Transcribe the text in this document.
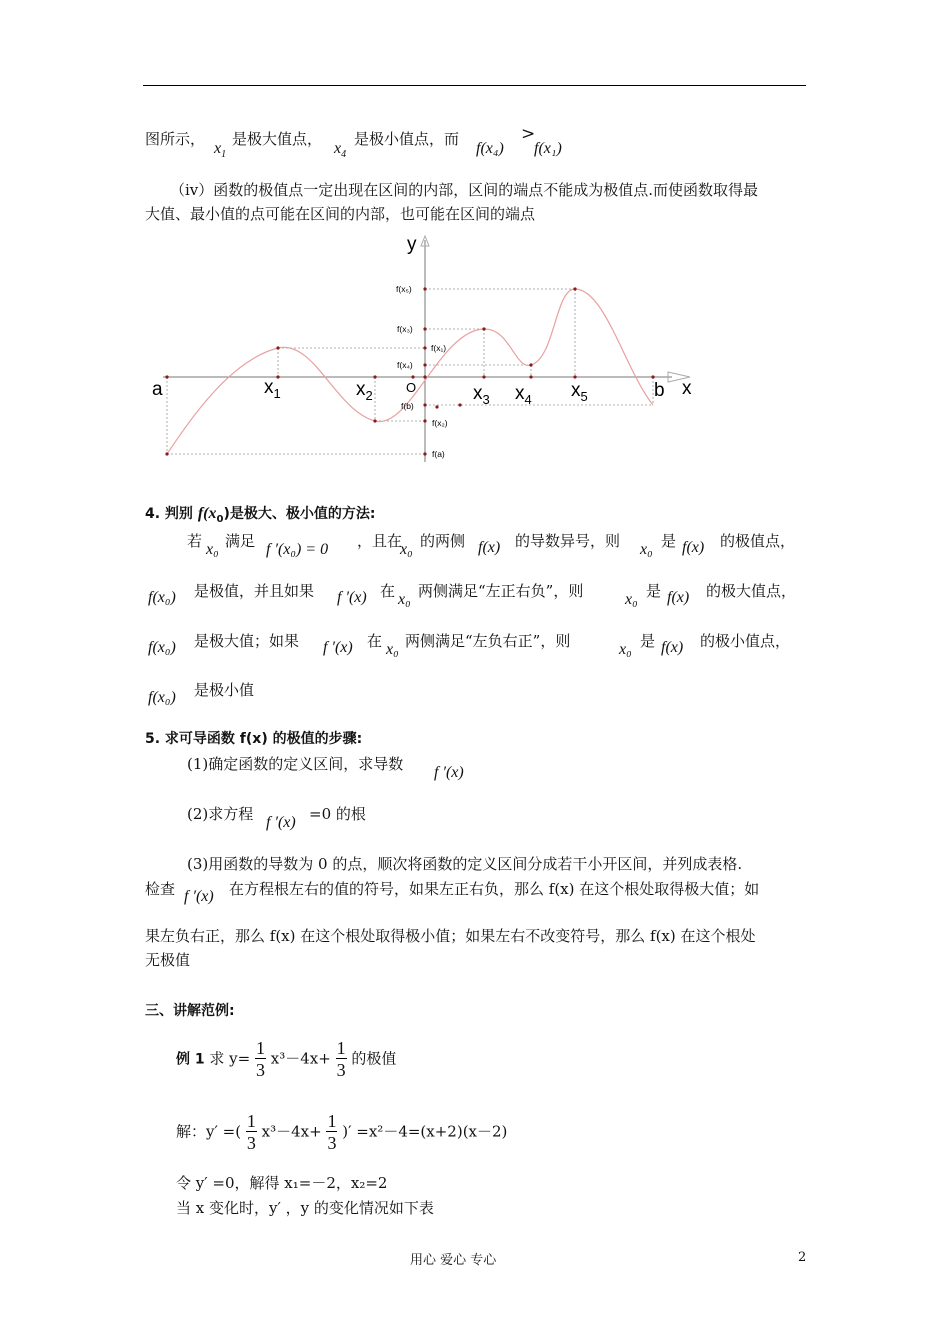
图所示，
$x_1$
是极大值点，
$x_4$
是极小值点，而
f(x₄)
>
f(x₁)
（iv）函数的极值点一定出现在区间的内部，区间的端点不能成为极值点.而使函数取得最
大值、最小值的点可能在区间的内部，也可能在区间的端点
y
x
O
a	b
$x_1$	$x_2$	$x_3$ $x_4$ $x_5$
f(x₅)
f(x₃)
f(x₁)
f(x₄)
f(b)
f(x₂)
f(a)
4. 判别 $f(x_0)$是极大、极小值的方法:
若 x₀ 满足 f ′(x₀) = 0 ，且在
x₀ 的两侧 f(x) 的导数异号，则 x₀ 是 f(x) 的极值点，
f(x₀) 是极值，并且如果 f ′(x) 在 x₀ 两侧满足“左正右负”，则	x₀ 是 f(x) 的极大值点，
f(x₀) 是极大值；如果 f ′(x) 在 x₀ 两侧满足“左负右正”，则	x₀ 是 f(x) 的极小值点，
f(x₀) 是极小值
5. 求可导函数 f(x) 的极值的步骤:
(1)确定函数的定义区间，求导数 f ′(x)
(2)求方程 f ′(x) =0 的根
(3)用函数的导数为 0 的点，顺次将函数的定义区间分成若干小开区间，并列成表格.
检查 f ′(x) 在方程根左右的值的符号，如果左正右负，那么 f(x) 在这个根处取得极大值；如
果左负右正，那么 f(x) 在这个根处取得极小值；如果左右不改变符号，那么 f(x) 在这个根处
无极值
三、讲解范例:
例 1 求 $y= \frac{1}{3} x^3-4x+ \frac{1}{3}$ 的极值
解：y′ =( $\frac{1}{3} x^3-4x+ \frac{1}{3}$ )′ =x²－4=(x+2)(x－2)
令 y′ =0，解得 x₁=－2，x₂=2
当 x 变化时，y′ ，y 的变化情况如下表
用心 爱心 专心	2
